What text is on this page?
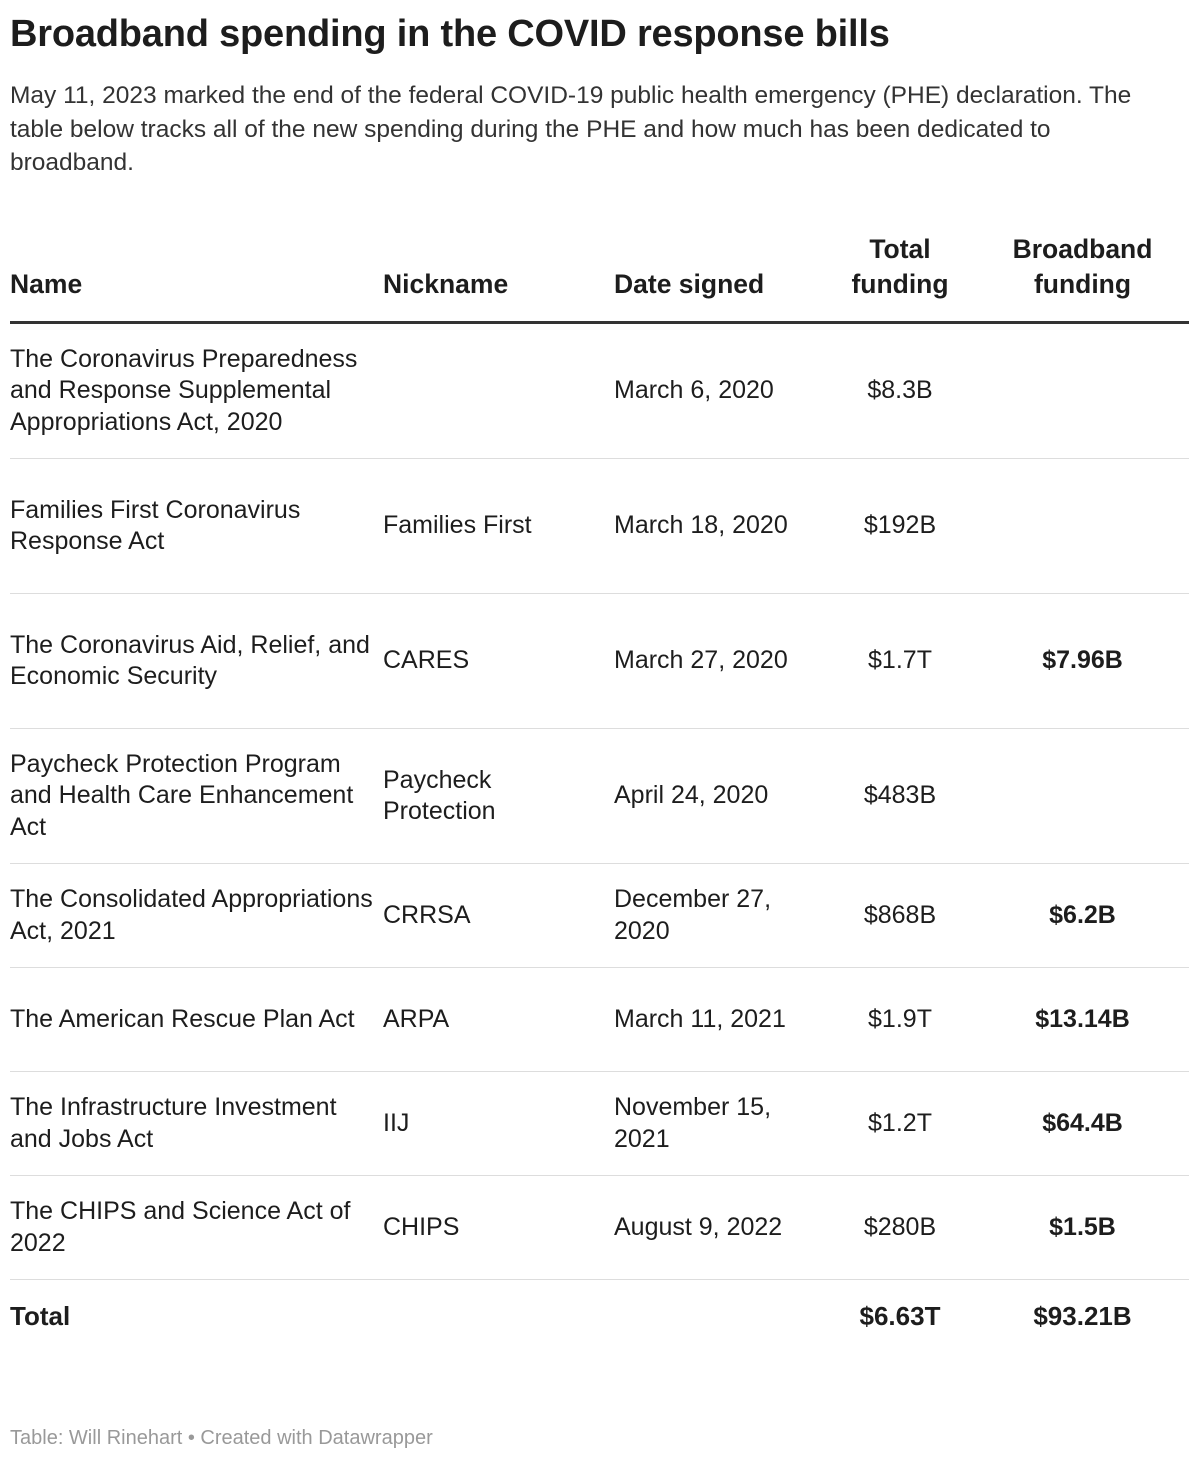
Broadband spending in the COVID response bills
May 11, 2023 marked the end of the federal COVID-19 public health emergency (PHE) declaration. The table below tracks all of the new spending during the PHE and how much has been dedicated to broadband.
Name	Nickname	Date signed	Total funding	Broadband funding
The Coronavirus Preparedness and Response Supplemental Appropriations Act, 2020		March 6, 2020	$8.3B	
Families First Coronavirus Response Act	Families First	March 18, 2020	$192B	
The Coronavirus Aid, Relief, and Economic Security	CARES	March 27, 2020	$1.7T	$7.96B
Paycheck Protection Program and Health Care Enhancement Act	Paycheck Protection	April 24, 2020	$483B	
The Consolidated Appropriations Act, 2021	CRRSA	December 27, 2020	$868B	$6.2B
The American Rescue Plan Act	ARPA	March 11, 2021	$1.9T	$13.14B
The Infrastructure Investment and Jobs Act	IIJ	November 15, 2021	$1.2T	$64.4B
The CHIPS and Science Act of 2022	CHIPS	August 9, 2022	$280B	$1.5B
Total			$6.63T	$93.21B
Table: Will Rinehart • Created with Datawrapper
